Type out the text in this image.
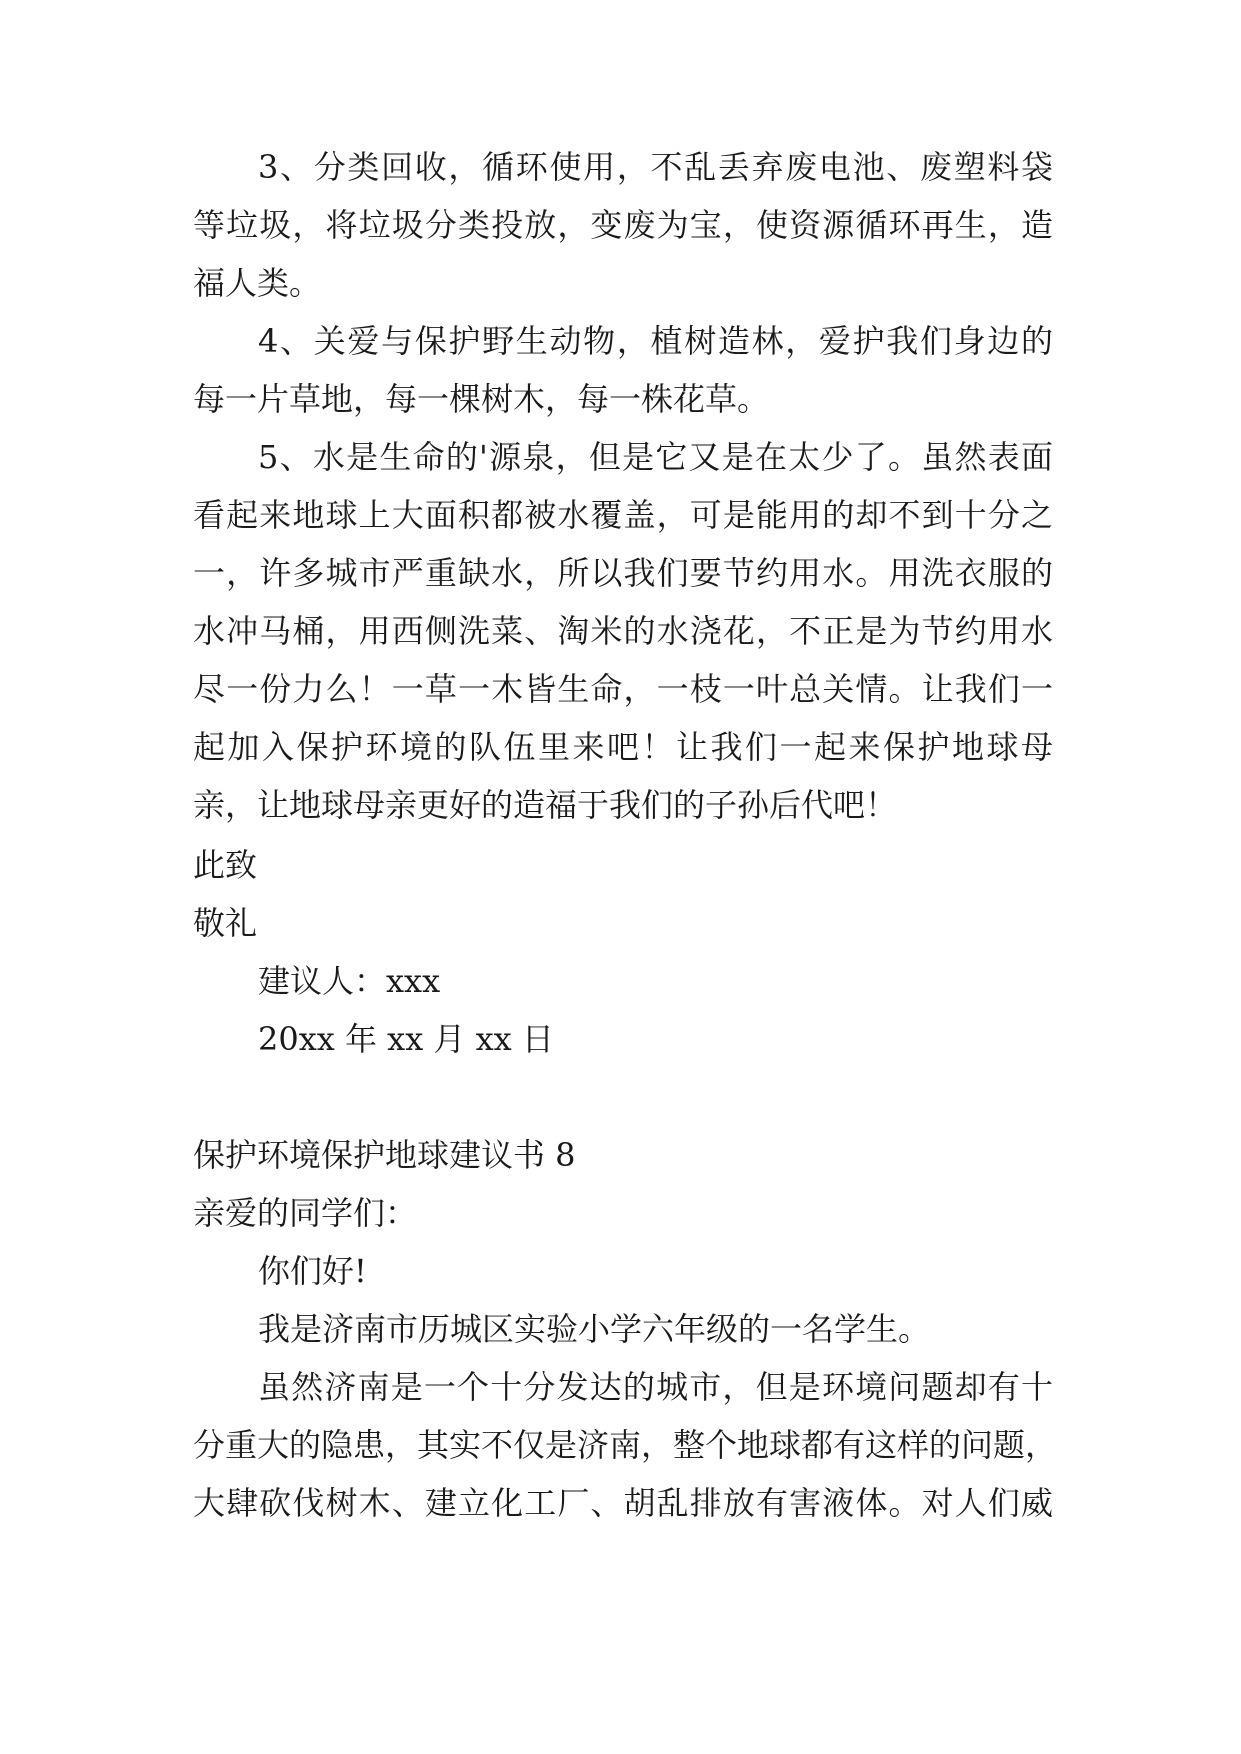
3、分类回收，循环使用，不乱丢弃废电池、废塑料袋
等垃圾，将垃圾分类投放，变废为宝，使资源循环再生，造
福人类。
4、关爱与保护野生动物，植树造林，爱护我们身边的
每一片草地，每一棵树木，每一株花草。
5、水是生命的'源泉，但是它又是在太少了。虽然表面
看起来地球上大面积都被水覆盖，可是能用的却不到十分之
一，许多城市严重缺水，所以我们要节约用水。用洗衣服的
水冲马桶，用西侧洗菜、淘米的水浇花，不正是为节约用水
尽一份力么！一草一木皆生命，一枝一叶总关情。让我们一
起加入保护环境的队伍里来吧！让我们一起来保护地球母
亲，让地球母亲更好的造福于我们的子孙后代吧！
此致
敬礼
建议人：xxx
20xx 年 xx 月 xx 日
保护环境保护地球建议书 8
亲爱的同学们：
你们好!
我是济南市历城区实验小学六年级的一名学生。
虽然济南是一个十分发达的城市，但是环境问题却有十
分重大的隐患，其实不仅是济南，整个地球都有这样的问题，
大肆砍伐树木、建立化工厂、胡乱排放有害液体。对人们威
